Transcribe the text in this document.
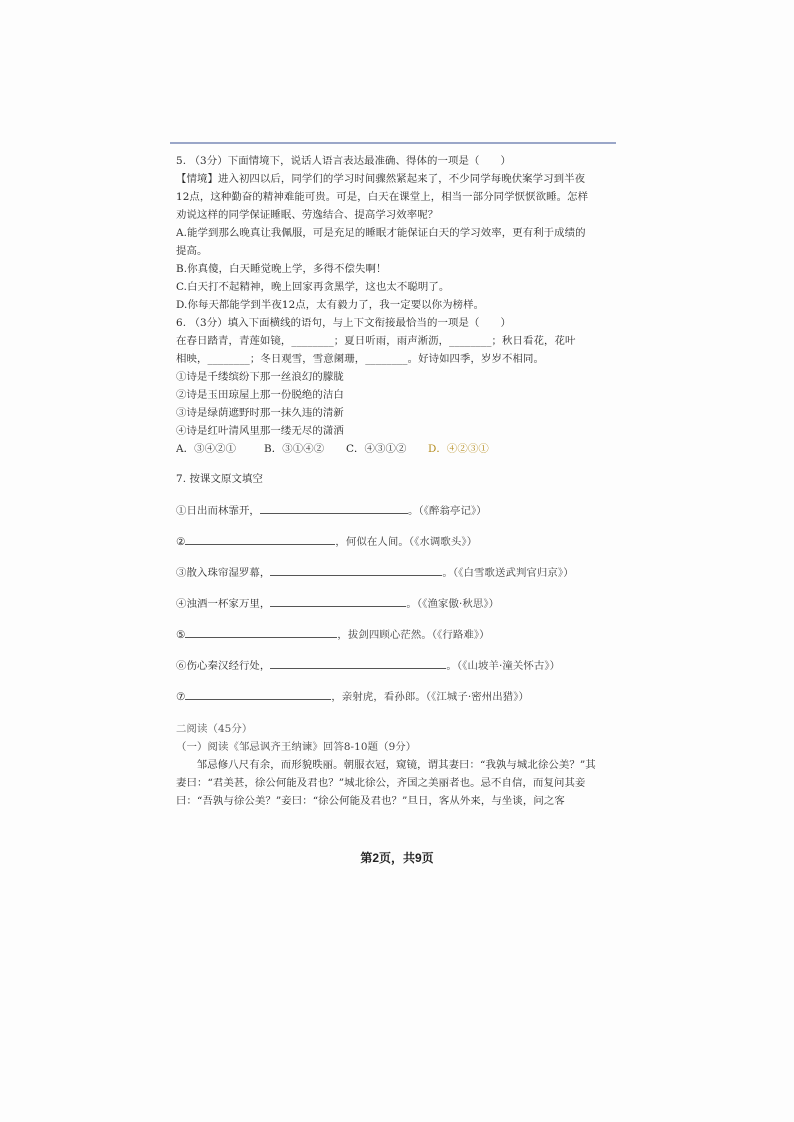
5. （3分）下面情境下，说话人语言表达最准确、得体的一项是（　　）
【情境】进入初四以后，同学们的学习时间骤然紧起来了，不少同学每晚伏案学习到半夜
12点，这种勤奋的精神难能可贵。可是，白天在课堂上，相当一部分同学恹恹欲睡。怎样
劝说这样的同学保证睡眠、劳逸结合、提高学习效率呢？
A.能学到那么晚真让我佩服，可是充足的睡眠才能保证白天的学习效率，更有利于成绩的
提高。
B.你真傻，白天睡觉晚上学，多得不偿失啊！
C.白天打不起精神，晚上回家再贪黑学，这也太不聪明了。
D.你每天都能学到半夜12点，太有毅力了，我一定要以你为榜样。
6. （3分）填入下面横线的语句，与上下文衔接最恰当的一项是（　　）
在春日踏青，青莲如镜，________；夏日听雨，雨声淅沥，________；秋日看花，花叶
相映，________；冬日观雪，雪意阑珊，________。好诗如四季，岁岁不相同。
①诗是千缕缤纷下那一丝浪幻的朦胧
②诗是玉田琼屋上那一份脱绝的洁白
③诗是绿荫遮野时那一抹久违的清新
④诗是红叶清风里那一缕无尽的潇洒
A．③④②①	B．③①④②	C．④③①②	D．④②③①
7. 按课文原文填空
①日出而林霏开，	。（《醉翁亭记》）
②	，何似在人间。（《水调歌头》）
③散入珠帘湿罗幕，	。（《白雪歌送武判官归京》）
④浊酒一杯家万里，	。（《渔家傲·秋思》）
⑤	，拔剑四顾心茫然。（《行路难》）
⑥伤心秦汉经行处，	。（《山坡羊·潼关怀古》）
⑦	，亲射虎，看孙郎。（《江城子·密州出猎》）
二阅读（45分）
（一）阅读《邹忌讽齐王纳谏》回答8-10题（9分）
邹忌修八尺有余，而形貌昳丽。朝服衣冠，窥镜，谓其妻曰：“我孰与城北徐公美？”其
妻曰：“君美甚，徐公何能及君也？”城北徐公，齐国之美丽者也。忌不自信，而复问其妾
曰：“吾孰与徐公美？”妾曰：“徐公何能及君也？”旦日，客从外来，与坐谈，问之客
第2页，共9页
